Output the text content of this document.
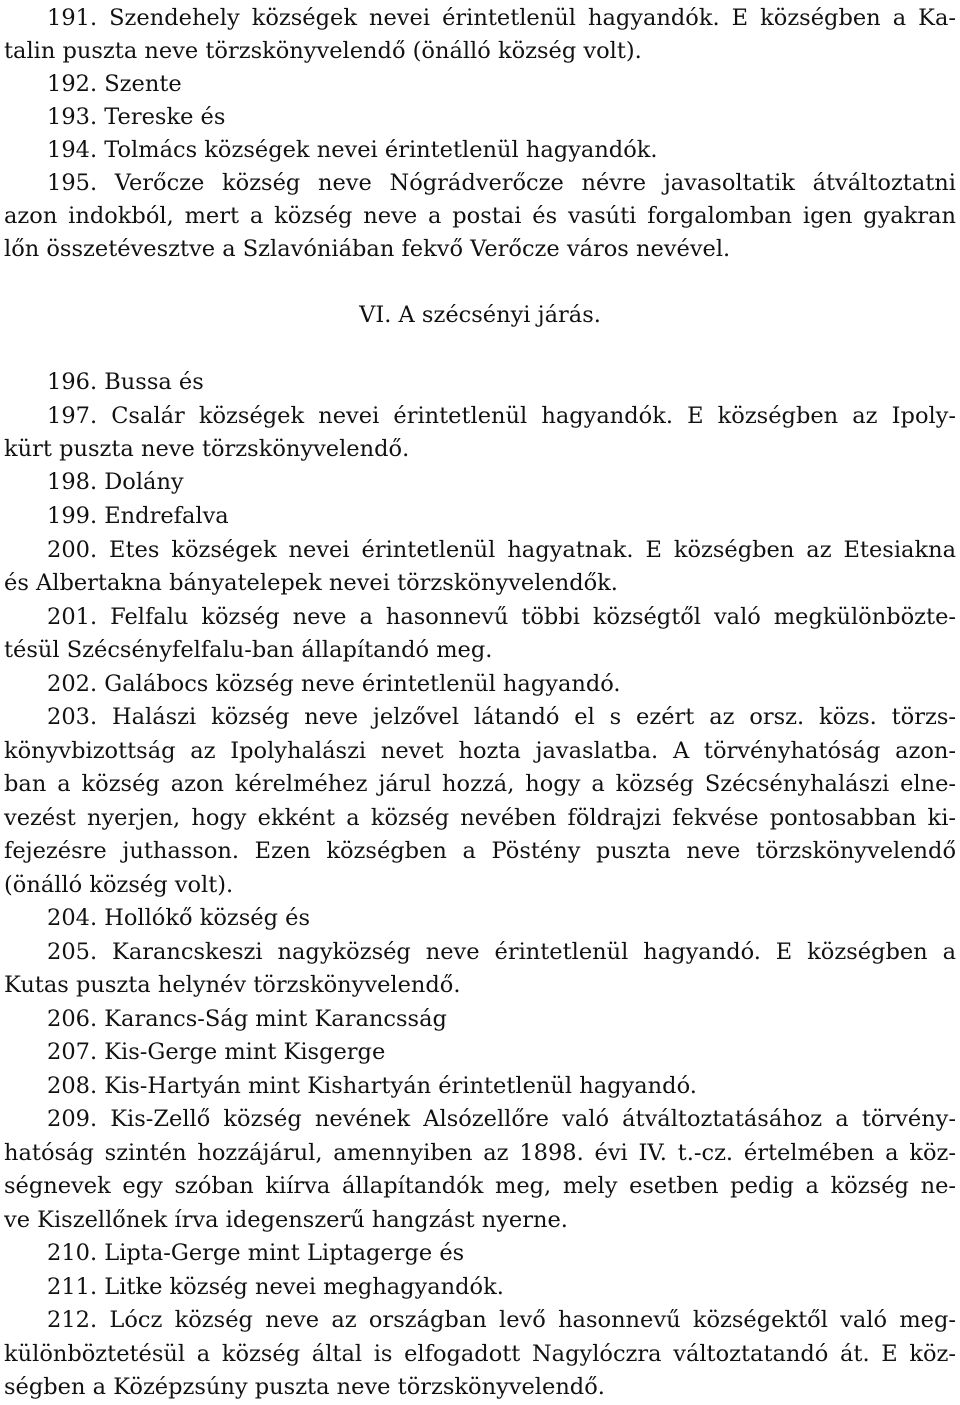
191. Szendehely községek nevei érintetlenül hagyandók. E községben a Ka-
talin puszta neve törzskönyvelendő (önálló község volt).
192. Szente
193. Tereske és
194. Tolmács községek nevei érintetlenül hagyandók.
195. Verőcze község neve Nógrádverőcze névre javasoltatik átváltoztatni
azon indokból, mert a község neve a postai és vasúti forgalomban igen gyakran
lőn összetévesztve a Szlavóniában fekvő Verőcze város nevével.
VI. A szécsényi járás.
196. Bussa és
197. Csalár községek nevei érintetlenül hagyandók. E községben az Ipoly-
kürt puszta neve törzskönyvelendő.
198. Dolány
199. Endrefalva
200. Etes községek nevei érintetlenül hagyatnak. E községben az Etesiakna
és Albertakna bányatelepek nevei törzskönyvelendők.
201. Felfalu község neve a hasonnevű többi községtől való megkülönbözte-
tésül Szécsényfelfalu-ban állapítandó meg.
202. Galábocs község neve érintetlenül hagyandó.
203. Halászi község neve jelzővel látandó el s ezért az orsz. közs. törzs-
könyvbizottság az Ipolyhalászi nevet hozta javaslatba. A törvényhatóság azon-
ban a község azon kérelméhez járul hozzá, hogy a község Szécsényhalászi elne-
vezést nyerjen, hogy ekként a község nevében földrajzi fekvése pontosabban ki-
fejezésre juthasson. Ezen községben a Pöstény puszta neve törzskönyvelendő
(önálló község volt).
204. Hollókő község és
205. Karancskeszi nagyközség neve érintetlenül hagyandó. E községben a
Kutas puszta helynév törzskönyvelendő.
206. Karancs-Ság mint Karancsság
207. Kis-Gerge mint Kisgerge
208. Kis-Hartyán mint Kishartyán érintetlenül hagyandó.
209. Kis-Zellő község nevének Alsózellőre való átváltoztatásához a törvény-
hatóság szintén hozzájárul, amennyiben az 1898. évi IV. t.-cz. értelmében a köz-
ségnevek egy szóban kiírva állapítandók meg, mely esetben pedig a község ne-
ve Kiszellőnek írva idegenszerű hangzást nyerne.
210. Lipta-Gerge mint Liptagerge és
211. Litke község nevei meghagyandók.
212. Lócz község neve az országban levő hasonnevű községektől való meg-
különböztetésül a község által is elfogadott Nagylóczra változtatandó át. E köz-
ségben a Középzsúny puszta neve törzskönyvelendő.
